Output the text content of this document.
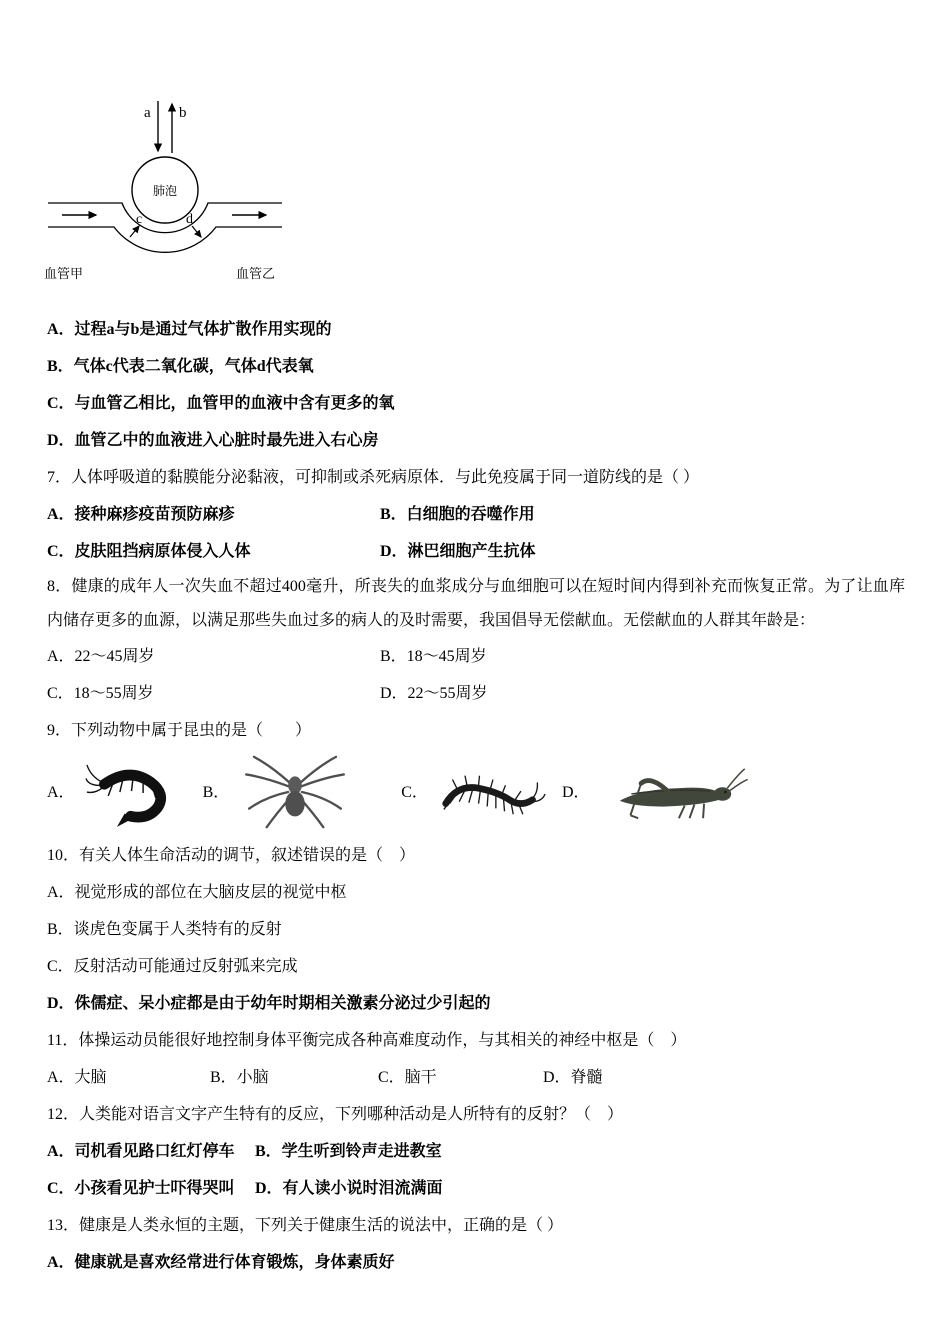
a b
肺泡
c	d
血管甲	血管乙
A．过程a与b是通过气体扩散作用实现的
B．气体c代表二氧化碳，气体d代表氧
C．与血管乙相比，血管甲的血液中含有更多的氧
D．血管乙中的血液进入心脏时最先进入右心房
7．人体呼吸道的黏膜能分泌黏液，可抑制或杀死病原体．与此免疫属于同一道防线的是（ ）
A．接种麻疹疫苗预防麻疹	B．白细胞的吞噬作用
C．皮肤阻挡病原体侵入人体	D．淋巴细胞产生抗体
8．健康的成年人一次失血不超过400毫升，所丧失的血浆成分与血细胞可以在短时间内得到补充而恢复正常。为了让血库内储存更多的血源，以满足那些失血过多的病人的及时需要，我国倡导无偿献血。无偿献血的人群其年龄是：
A．22～45周岁	B．18～45周岁
C．18～55周岁	D．22～55周岁
9．下列动物中属于昆虫的是（　　）
A．	B．	C．	D．
10．有关人体生命活动的调节，叙述错误的是（　）
A．视觉形成的部位在大脑皮层的视觉中枢
B．谈虎色变属于人类特有的反射
C．反射活动可能通过反射弧来完成
D．侏儒症、呆小症都是由于幼年时期相关激素分泌过少引起的
11．体操运动员能很好地控制身体平衡完成各种高难度动作，与其相关的神经中枢是（　）
A．大脑	B．小脑	C．脑干	D．脊髓
12．人类能对语言文字产生特有的反应，下列哪种活动是人所特有的反射？（　）
A．司机看见路口红灯停车	B．学生听到铃声走进教室
C．小孩看见护士吓得哭叫	D．有人读小说时泪流满面
13．健康是人类永恒的主题，下列关于健康生活的说法中，正确的是（ ）
A．健康就是喜欢经常进行体育锻炼，身体素质好
